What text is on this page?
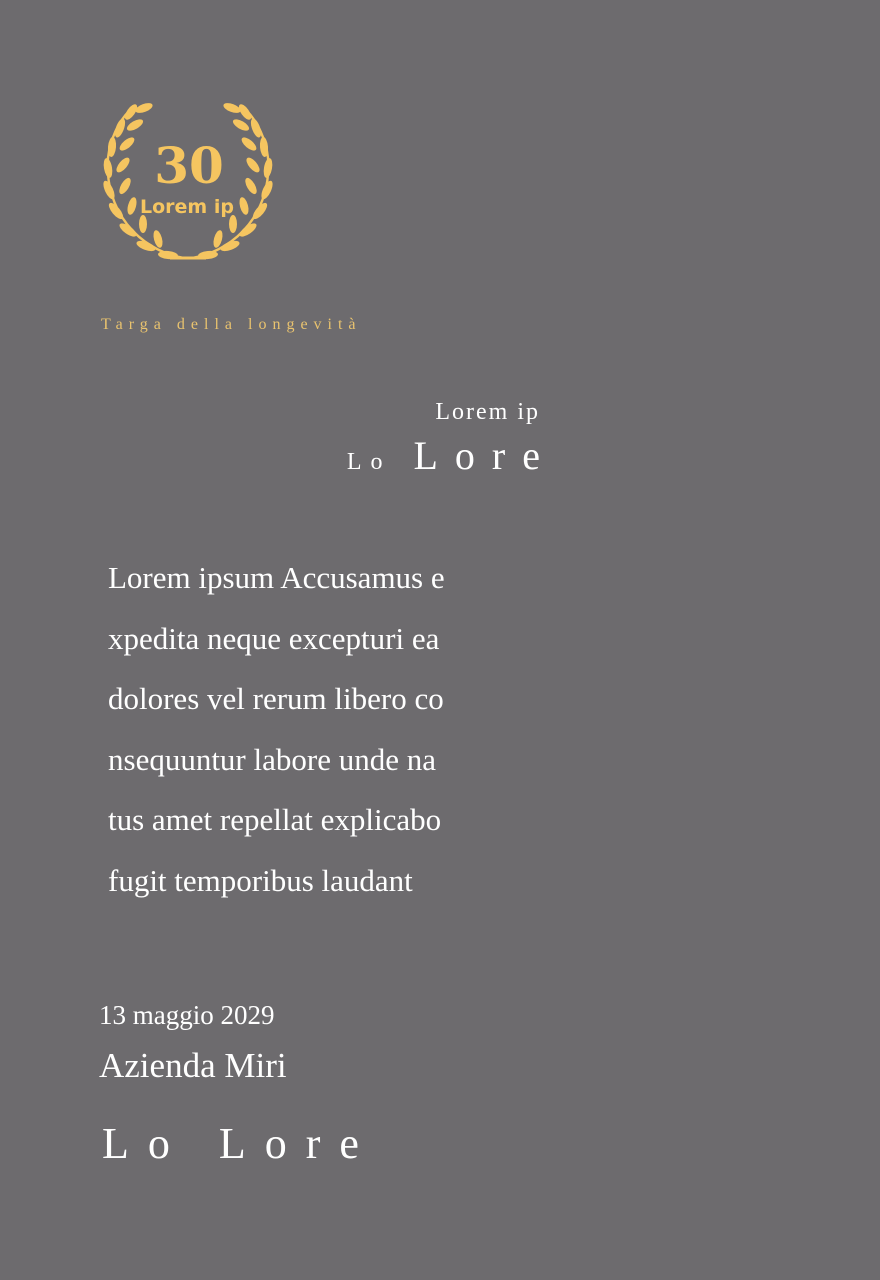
30
Lorem ip
Targa della longevità
Lorem ip
Lo Lore
Lorem ipsum Accusamus e
xpedita neque excepturi ea
dolores vel rerum libero co
nsequuntur labore unde na
tus amet repellat explicabo
fugit temporibus laudant
13 maggio 2029
Azienda Miri
Lo Lore
